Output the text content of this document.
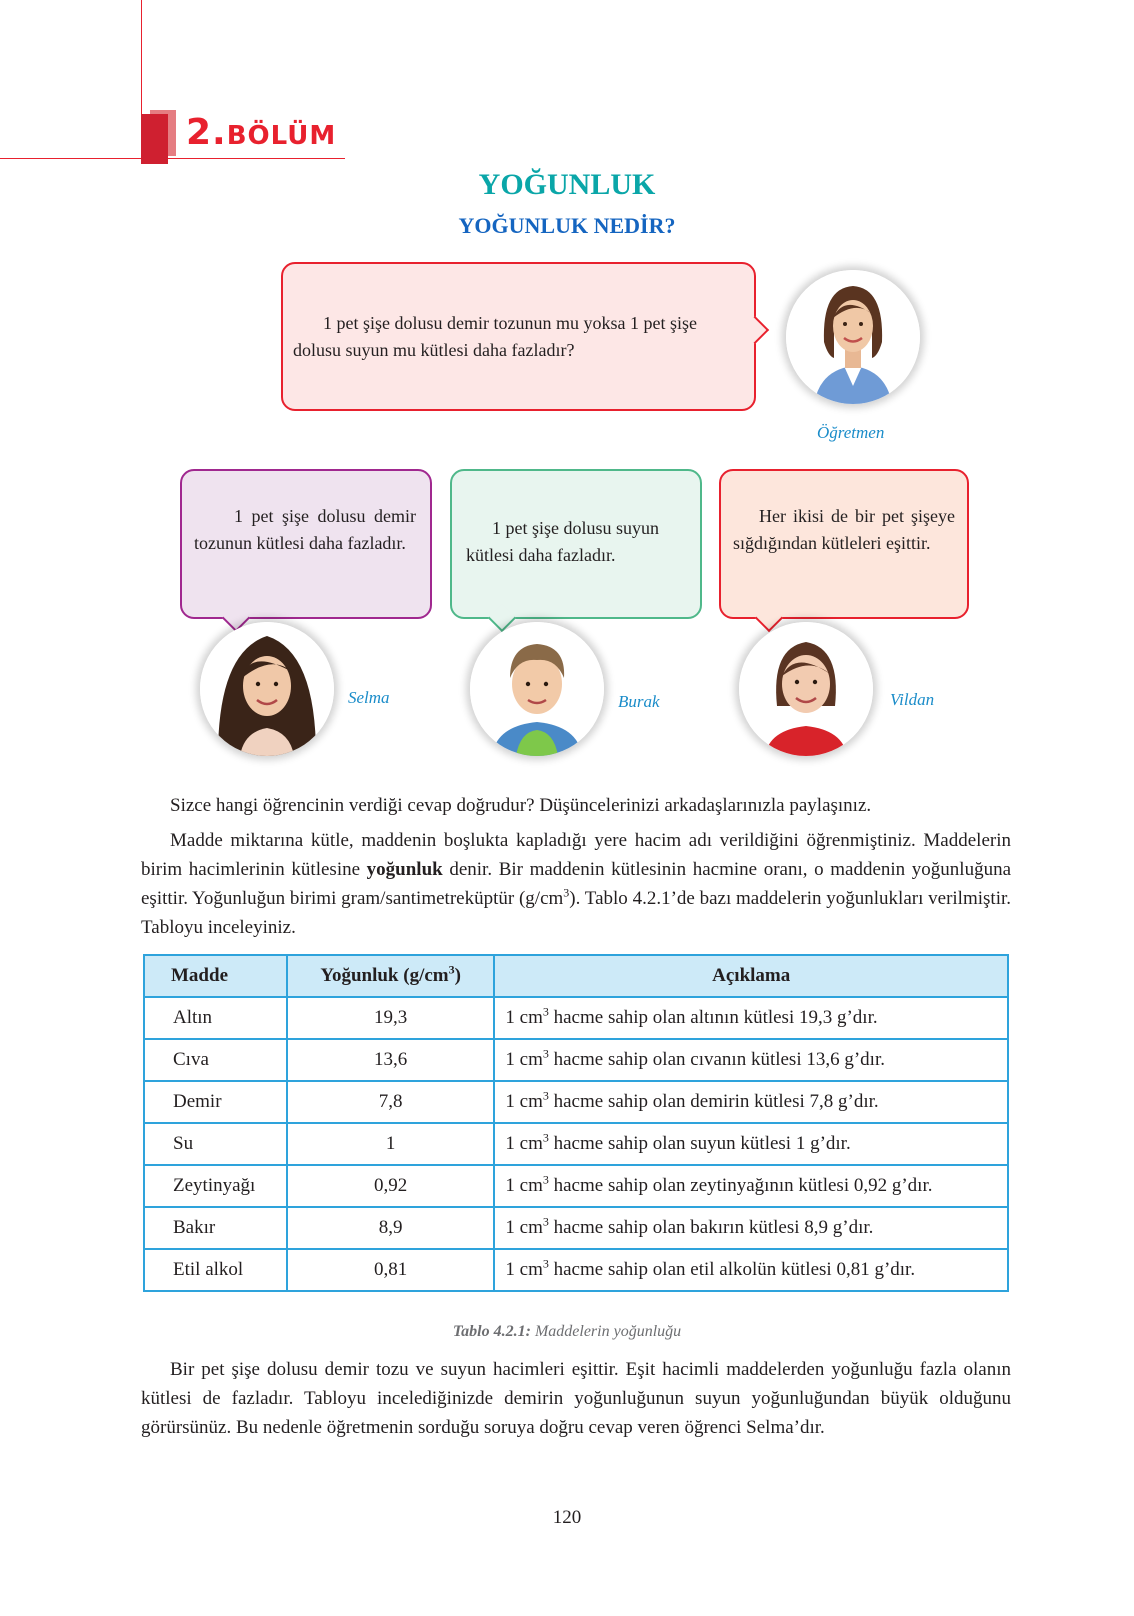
2.BÖLÜM
YOĞUNLUK
YOĞUNLUK NEDİR?
1 pet şişe dolusu demir tozunun mu yoksa 1 pet şişe dolusu suyun mu kütlesi daha fazladır?
Öğretmen
1 pet şişe dolusu demir tozunun kütlesi daha fazladır.
1 pet şişe dolusu suyun kütlesi daha fazladır.
Her ikisi de bir pet şişeye sığdığından kütleleri eşittir.
Selma	Burak	Vildan
Sizce hangi öğrencinin verdiği cevap doğrudur? Düşüncelerinizi arkadaşlarınızla paylaşınız.
Madde miktarına kütle, maddenin boşlukta kapladığı yere hacim adı verildiğini öğrenmiştiniz. Maddelerin birim hacimlerinin kütlesine yoğunluk denir. Bir maddenin kütlesinin hacmine oranı, o maddenin yoğunluğuna eşittir. Yoğunluğun birimi gram/santimetreküptür $(g/cm^3)$. Tablo 4.2.1’de bazı maddelerin yoğunlukları verilmiştir. Tabloyu inceleyiniz.
Madde	Yoğunluk $(g/cm^3)$	Açıklama
Altın	19,3	1 $cm^3$ hacme sahip olan altının kütlesi 19,3 g’dır.
Cıva	13,6	1 $cm^3$ hacme sahip olan cıvanın kütlesi 13,6 g’dır.
Demir	7,8	1 $cm^3$ hacme sahip olan demirin kütlesi 7,8 g’dır.
Su	1	1 $cm^3$ hacme sahip olan suyun kütlesi 1 g’dır.
Zeytinyağı	0,92	1 $cm^3$ hacme sahip olan zeytinyağının kütlesi 0,92 g’dır.
Bakır	8,9	1 $cm^3$ hacme sahip olan bakırın kütlesi 8,9 g’dır.
Etil alkol	0,81	1 $cm^3$ hacme sahip olan etil alkolün kütlesi 0,81 g’dır.
Tablo 4.2.1: Maddelerin yoğunluğu
Bir pet şişe dolusu demir tozu ve suyun hacimleri eşittir. Eşit hacimli maddelerden yoğunluğu fazla olanın kütlesi de fazladır. Tabloyu incelediğinizde demirin yoğunluğunun suyun yoğunluğundan büyük olduğunu görürsünüz. Bu nedenle öğretmenin sorduğu soruya doğru cevap veren öğrenci Selma’dır.
120
